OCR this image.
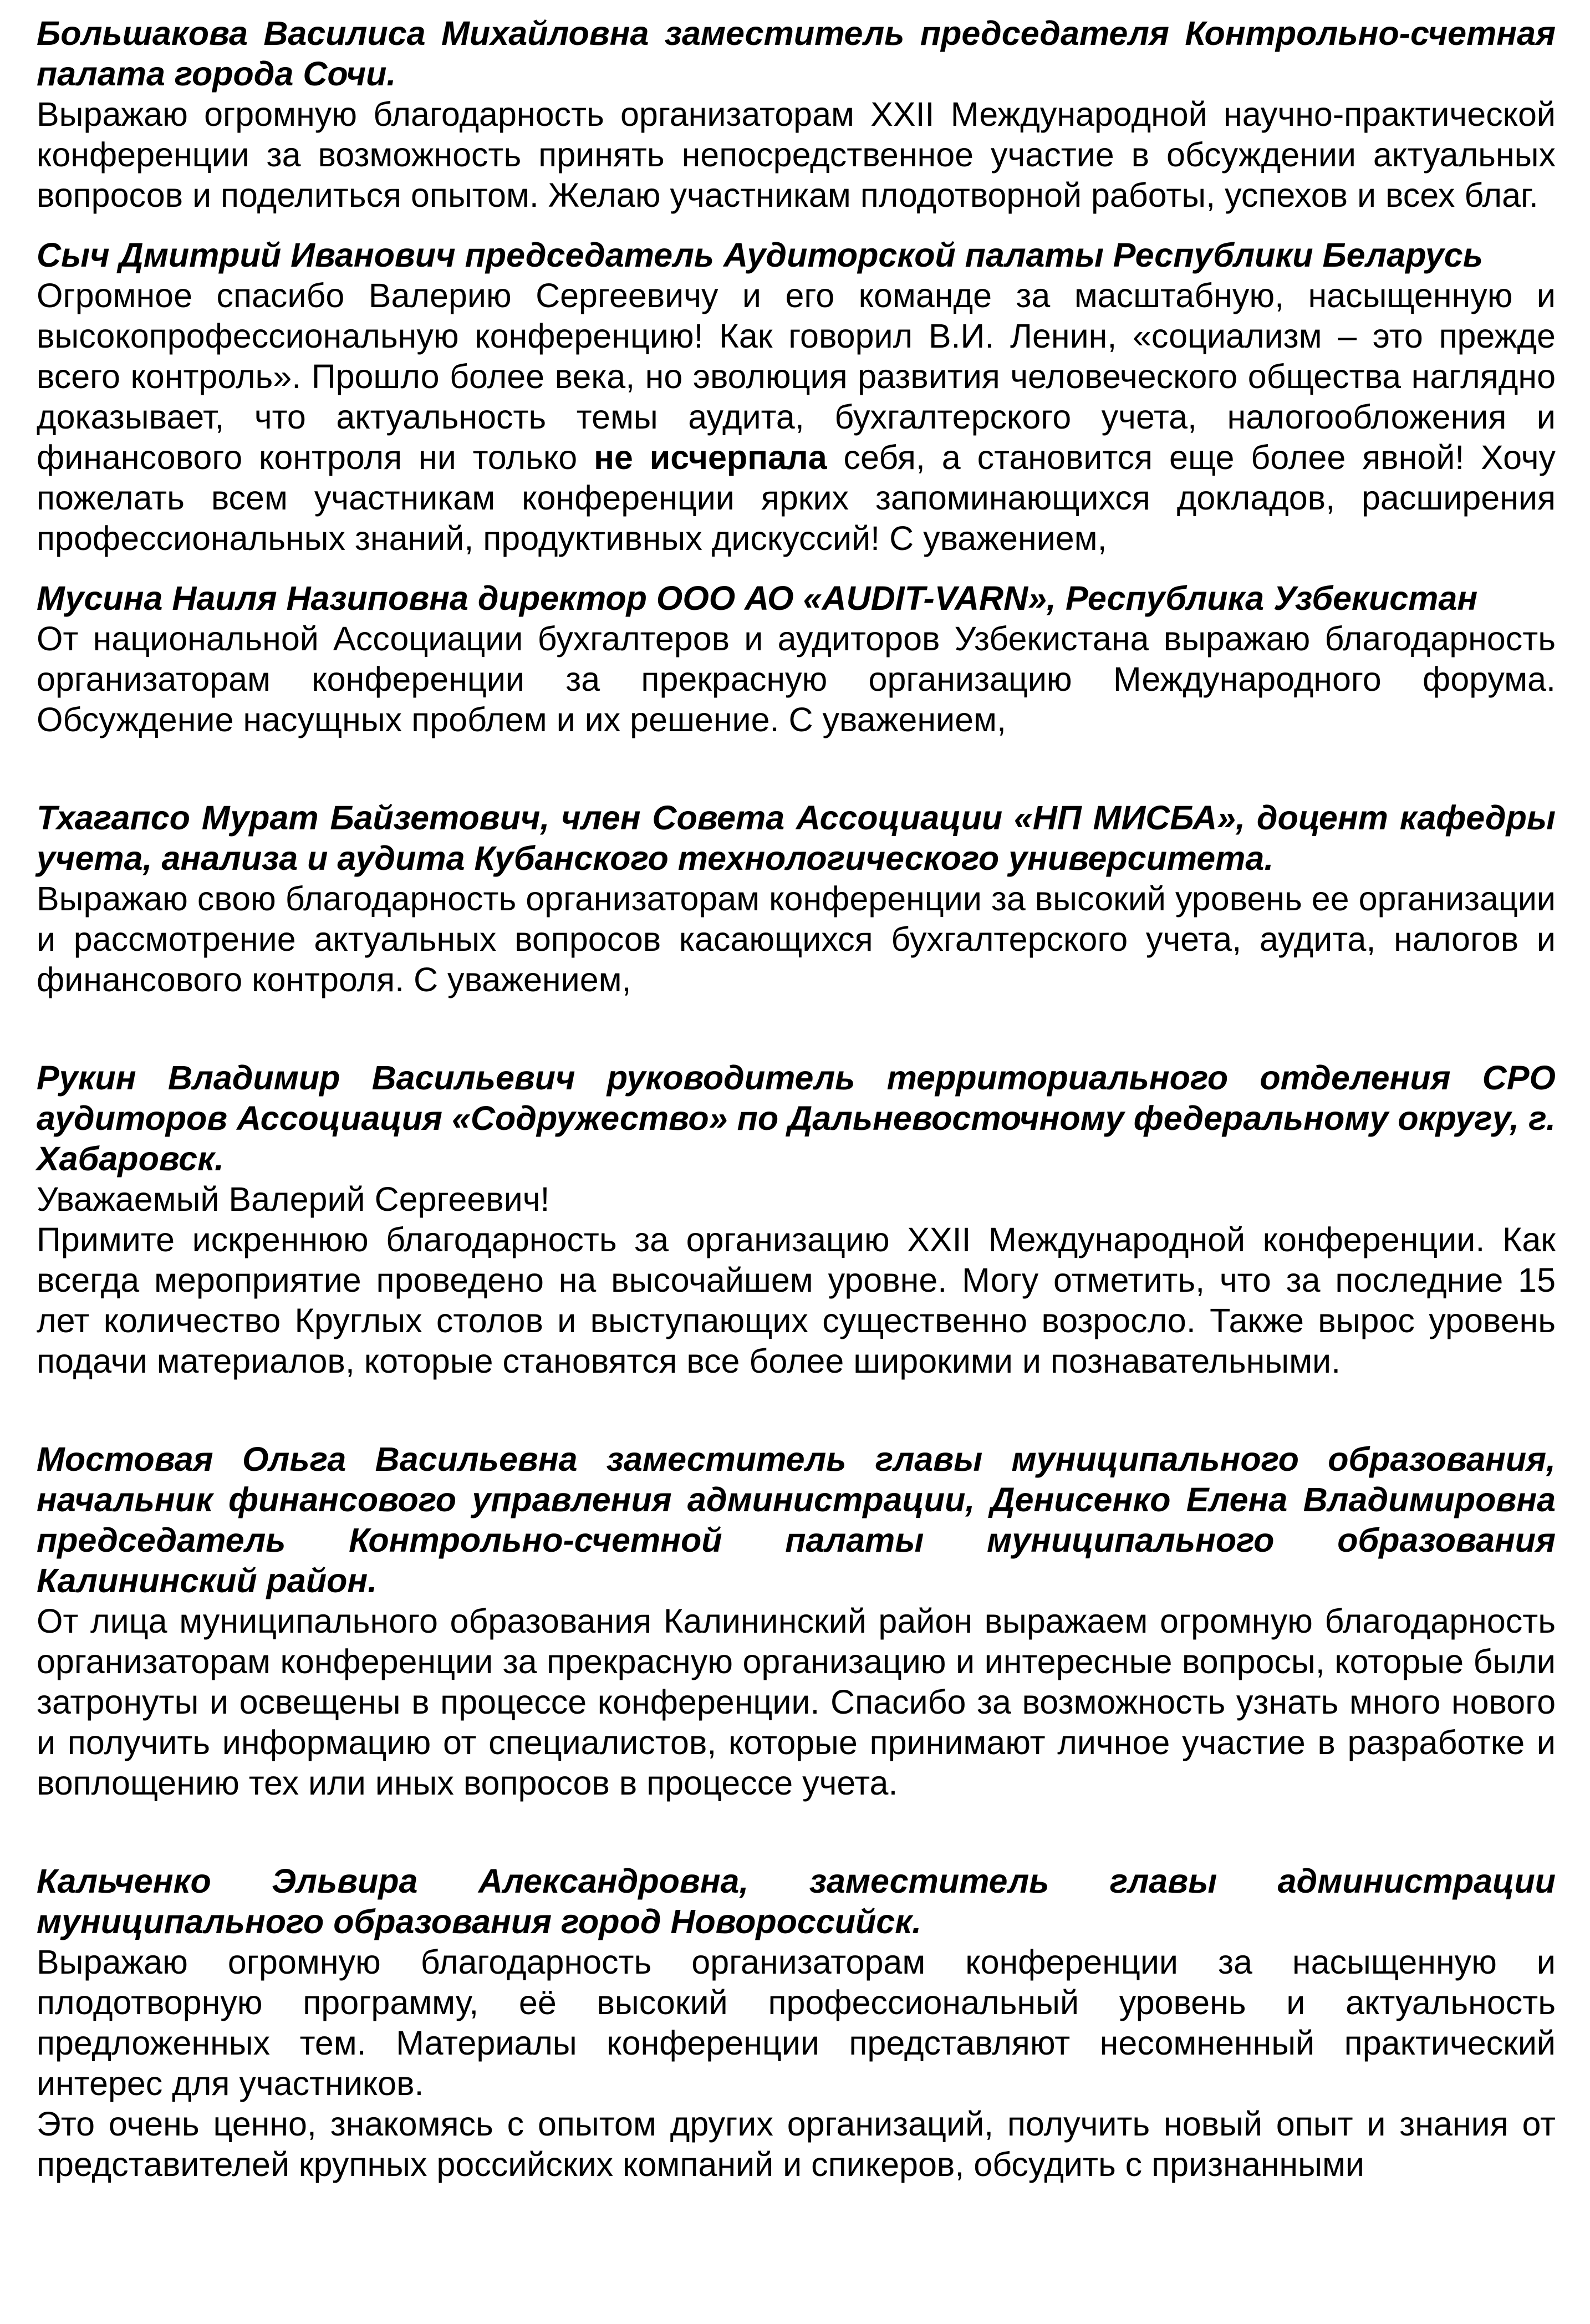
Большакова Василиса Михайловна заместитель председателя Контрольно-счетная палата города Сочи.

Выражаю огромную благодарность организаторам XXII Международной научно-практической конференции за возможность принять непосредственное участие в обсуждении актуальных вопросов и поделиться опытом. Желаю участникам плодотворной работы, успехов и всех благ.

Сыч Дмитрий Иванович председатель Аудиторской палаты Республики Беларусь

Огромное спасибо Валерию Сергеевичу и его команде за масштабную, насыщенную и высокопрофессиональную конференцию! Как говорил В.И. Ленин, «социализм – это прежде всего контроль». Прошло более века, но эволюция развития человеческого общества наглядно доказывает, что актуальность темы аудита, бухгалтерского учета, налогообложения и финансового контроля ни только не исчерпала себя, а становится еще более явной! Хочу пожелать всем участникам конференции ярких запоминающихся докладов, расширения профессиональных знаний, продуктивных дискуссий! С уважением,

Мусина Наиля Назиповна директор ООО АО «AUDIT-VARN», Республика Узбекистан

От национальной Ассоциации бухгалтеров и аудиторов Узбекистана выражаю благодарность организаторам конференции за прекрасную организацию Международного форума. Обсуждение насущных проблем и их решение. С уважением,

Тхагапсо Мурат Байзетович, член Совета Ассоциации «НП МИСБА», доцент кафедры учета, анализа и аудита Кубанского технологического университета.

Выражаю свою благодарность организаторам конференции за высокий уровень ее организации и рассмотрение актуальных вопросов касающихся бухгалтерского учета, аудита, налогов и финансового контроля. С уважением,

Рукин Владимир Васильевич руководитель территориального отделения СРО аудиторов Ассоциация «Содружество» по Дальневосточному федеральному округу, г. Хабаровск.

Уважаемый Валерий Сергеевич!

Примите искреннюю благодарность за организацию XXII Международной конференции. Как всегда мероприятие проведено на высочайшем уровне. Могу отметить, что за последние 15 лет количество Круглых столов и выступающих существенно возросло. Также вырос уровень подачи материалов, которые становятся все более широкими и познавательными.

Мостовая Ольга Васильевна заместитель главы муниципального образования, начальник финансового управления администрации, Денисенко Елена Владимировна председатель Контрольно-счетной палаты муниципального образования Калининский район.

От лица муниципального образования Калининский район выражаем огромную благодарность организаторам конференции за прекрасную организацию и интересные вопросы, которые были затронуты и освещены в процессе конференции. Спасибо за возможность узнать много нового и получить информацию от специалистов, которые принимают личное участие в разработке и воплощению тех или иных вопросов в процессе учета.

Кальченко Эльвира Александровна, заместитель главы администрации муниципального образования город Новороссийск.

Выражаю огромную благодарность организаторам конференции за насыщенную и плодотворную программу, её высокий профессиональный уровень и актуальность предложенных тем. Материалы конференции представляют несомненный практический интерес для участников.

Это очень ценно, знакомясь с опытом других организаций, получить новый опыт и знания от представителей крупных российских компаний и спикеров, обсудить с признанными
